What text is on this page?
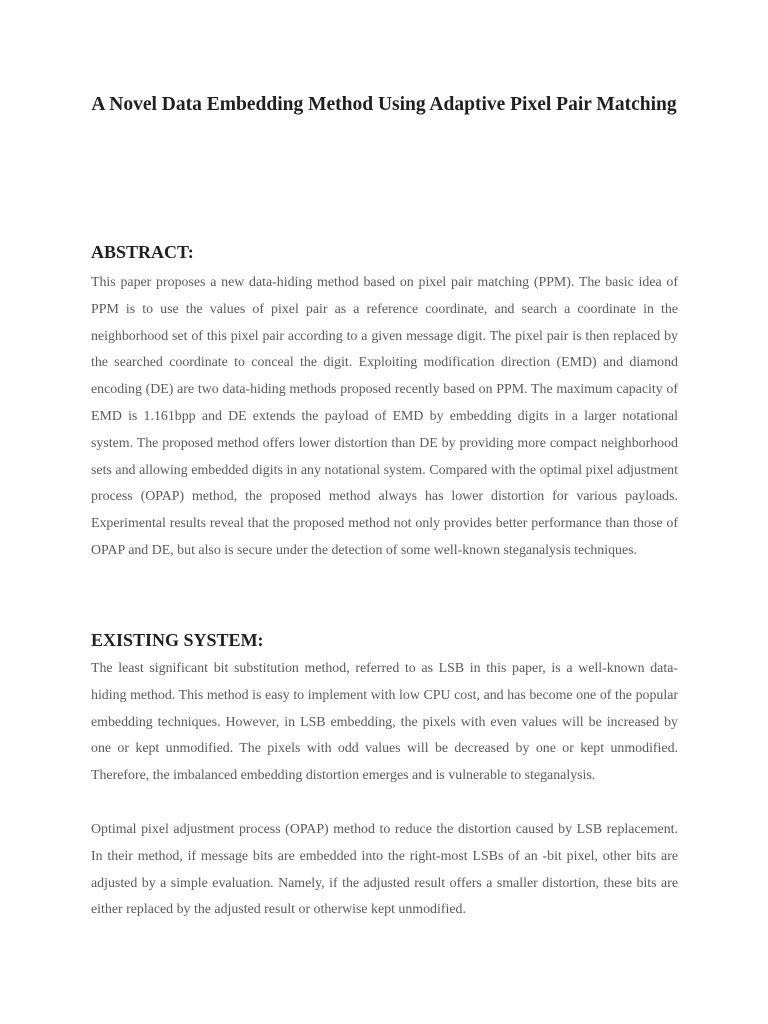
A Novel Data Embedding Method Using Adaptive Pixel Pair Matching
ABSTRACT:

This paper proposes a new data-hiding method based on pixel pair matching (PPM). The basic idea of PPM is to use the values of pixel pair as a reference coordinate, and search a coordinate in the neighborhood set of this pixel pair according to a given message digit. The pixel pair is then replaced by the searched coordinate to conceal the digit. Exploiting modification direction (EMD) and diamond encoding (DE) are two data-hiding methods proposed recently based on PPM. The maximum capacity of EMD is 1.161bpp and DE extends the payload of EMD by embedding digits in a larger notational system. The proposed method offers lower distortion than DE by providing more compact neighborhood sets and allowing embedded digits in any notational system. Compared with the optimal pixel adjustment process (OPAP) method, the proposed method always has lower distortion for various payloads. Experimental results reveal that the proposed method not only provides better performance than those of OPAP and DE, but also is secure under the detection of some well-known steganalysis techniques.

EXISTING SYSTEM:

The least significant bit substitution method, referred to as LSB in this paper, is a well-known data-hiding method. This method is easy to implement with low CPU cost, and has become one of the popular embedding techniques. However, in LSB embedding, the pixels with even values will be increased by one or kept unmodified. The pixels with odd values will be decreased by one or kept unmodified. Therefore, the imbalanced embedding distortion emerges and is vulnerable to steganalysis.

Optimal pixel adjustment process (OPAP) method to reduce the distortion caused by LSB replacement. In their method, if message bits are embedded into the right-most LSBs of an -bit pixel, other bits are adjusted by a simple evaluation. Namely, if the adjusted result offers a smaller distortion, these bits are either replaced by the adjusted result or otherwise kept unmodified.
